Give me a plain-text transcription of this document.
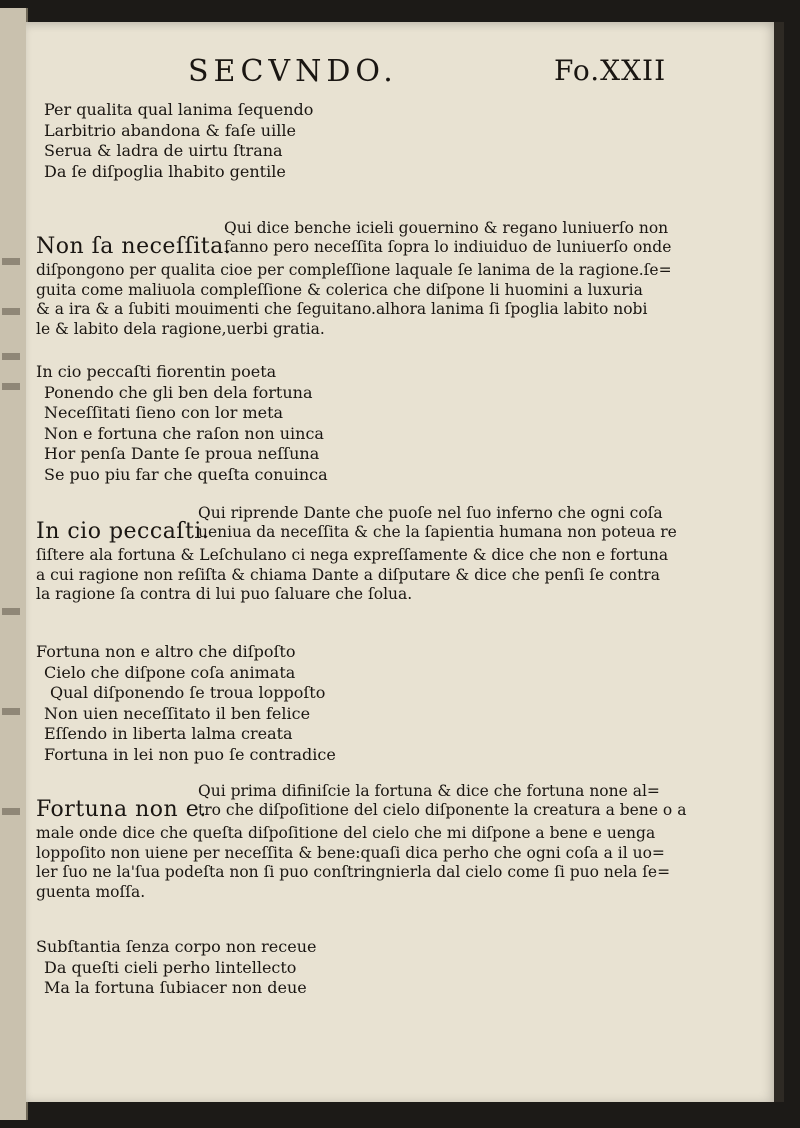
SECVNDO.	Fo.XXII
Per qualita qual lanima ſequendo
Larbitrio abandona & faſe uille
Serua & ladra de uirtu ſtrana
Da ſe diſpoglia lhabito gentile
Non ſa neceſſita.
Qui dice benche icieli gouernino & regano luniuerſo non
fanno pero neceſſita ſopra lo indiuiduo de luniuerſo onde
diſpongono per qualita cioe per compleſſione laquale ſe lanima de la ragione.ſe=
guita come maliuola compleſſione & colerica che diſpone li huomini a luxuria
& a ira & a ſubiti mouimenti che ſeguitano.alhora lanima ſi ſpoglia labito nobi
le & labito dela ragione,uerbi gratia.
In cio peccaſti fiorentin poeta
Ponendo che gli ben dela fortuna
Neceſſitati ſieno con lor meta
Non e fortuna che raſon non uinca
Hor penſa Dante ſe proua neſſuna
Se puo piu far che queſta conuinca
In cio peccaſti.
Qui riprende Dante che puoſe nel ſuo inferno che ogni coſa
ueniua da neceſſita & che la ſapientia humana non poteua re
ſiſtere ala fortuna & Leſchulano ci nega expreſſamente & dice che non e fortuna
a cui ragione non reſiſta & chiama Dante a diſputare & dice che penſi ſe contra
la ragione ſa contra di lui puo ſaluare che ſolua.
Fortuna non e altro che diſpoſto
Cielo che diſpone coſa animata
Qual diſponendo ſe troua loppoſto
Non uien neceſſitato il ben felice
Eſſendo in liberta lalma creata
Fortuna in lei non puo ſe contradice
Fortuna non e.
Qui prima difiniſcie la fortuna & dice che fortuna none al=
tro che diſpoſitione del cielo diſponente la creatura a bene o a
male onde dice che queſta diſpoſitione del cielo che mi diſpone a bene e uenga
loppoſito non uiene per neceſſita & bene:quaſi dica perho che ogni coſa a il uo=
ler ſuo ne la'ſua podeſta non ſi puo conſtringnierla dal cielo come ſi puo nela ſe=
guenta moſſa.
Subſtantia ſenza corpo non receue
Da queſti cieli perho lintellecto
Ma la fortuna ſubiacer non deue
